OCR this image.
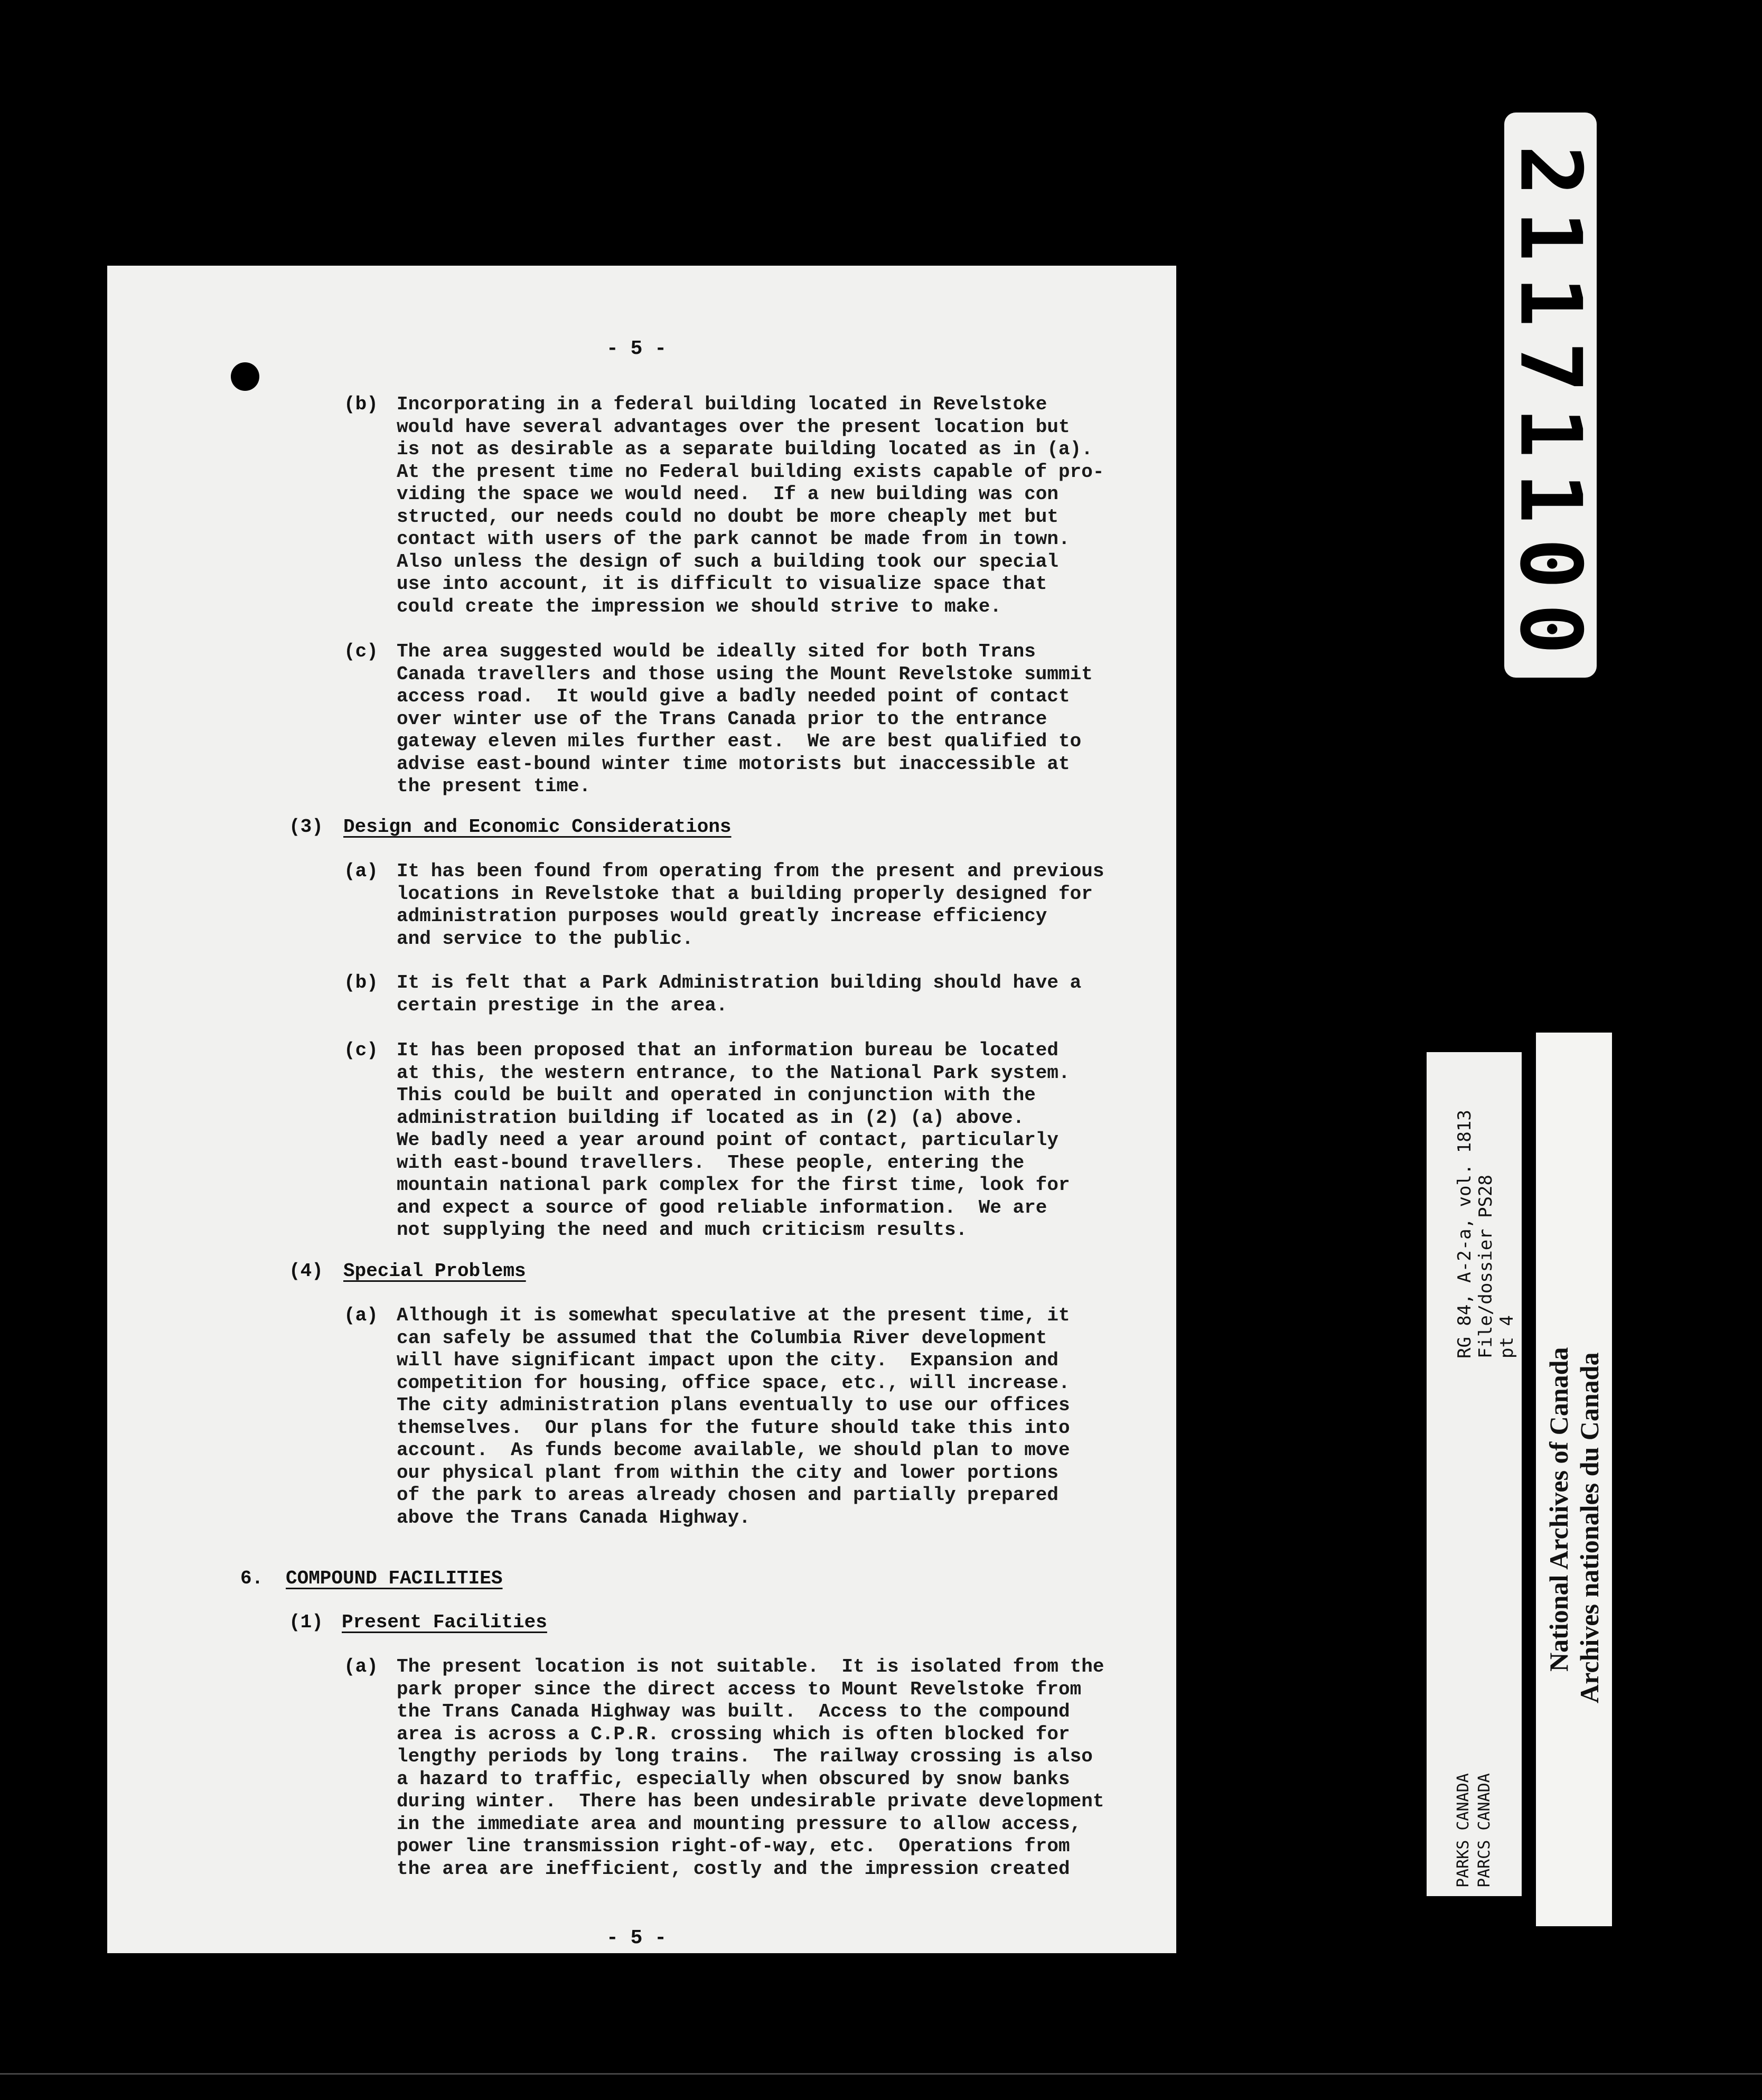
- 5 -
(b) Incorporating in a federal building located in Revelstoke
would have several advantages over the present location but
is not as desirable as a separate building located as in (a).
At the present time no Federal building exists capable of pro-
viding the space we would need.  If a new building was con
structed, our needs could no doubt be more cheaply met but
contact with users of the park cannot be made from in town.
Also unless the design of such a building took our special
use into account, it is difficult to visualize space that
could create the impression we should strive to make.
(c) The area suggested would be ideally sited for both Trans
Canada travellers and those using the Mount Revelstoke summit
access road.  It would give a badly needed point of contact
over winter use of the Trans Canada prior to the entrance
gateway eleven miles further east.  We are best qualified to
advise east-bound winter time motorists but inaccessible at
the present time.
(3) Design and Economic Considerations
(a) It has been found from operating from the present and previous
locations in Revelstoke that a building properly designed for
administration purposes would greatly increase efficiency
and service to the public.
(b) It is felt that a Park Administration building should have a
certain prestige in the area.
(c) It has been proposed that an information bureau be located
at this, the western entrance, to the National Park system.
This could be built and operated in conjunction with the
administration building if located as in (2) (a) above.
We badly need a year around point of contact, particularly
with east-bound travellers.  These people, entering the
mountain national park complex for the first time, look for
and expect a source of good reliable information.  We are
not supplying the need and much criticism results.
(4) Special Problems
(a) Although it is somewhat speculative at the present time, it
can safely be assumed that the Columbia River development
will have significant impact upon the city.  Expansion and
competition for housing, office space, etc., will increase.
The city administration plans eventually to use our offices
themselves.  Our plans for the future should take this into
account.  As funds become available, we should plan to move
our physical plant from within the city and lower portions
of the park to areas already chosen and partially prepared
above the Trans Canada Highway.
6. COMPOUND FACILITIES
(1) Present Facilities
(a) The present location is not suitable.  It is isolated from the
park proper since the direct access to Mount Revelstoke from
the Trans Canada Highway was built.  Access to the compound
area is across a C.P.R. crossing which is often blocked for
lengthy periods by long trains.  The railway crossing is also
a hazard to traffic, especially when obscured by snow banks
during winter.  There has been undesirable private development
in the immediate area and mounting pressure to allow access,
power line transmission right-of-way, etc.  Operations from
the area are inefficient, costly and the impression created
- 5 -
2
1
1
7
1
1
0
0
RG 84, A-2-a, vol. 1813 File/dossier PS28 pt 4
PARKS CANADA PARCS CANADA
National Archives of Canada Archives nationales du Canada
